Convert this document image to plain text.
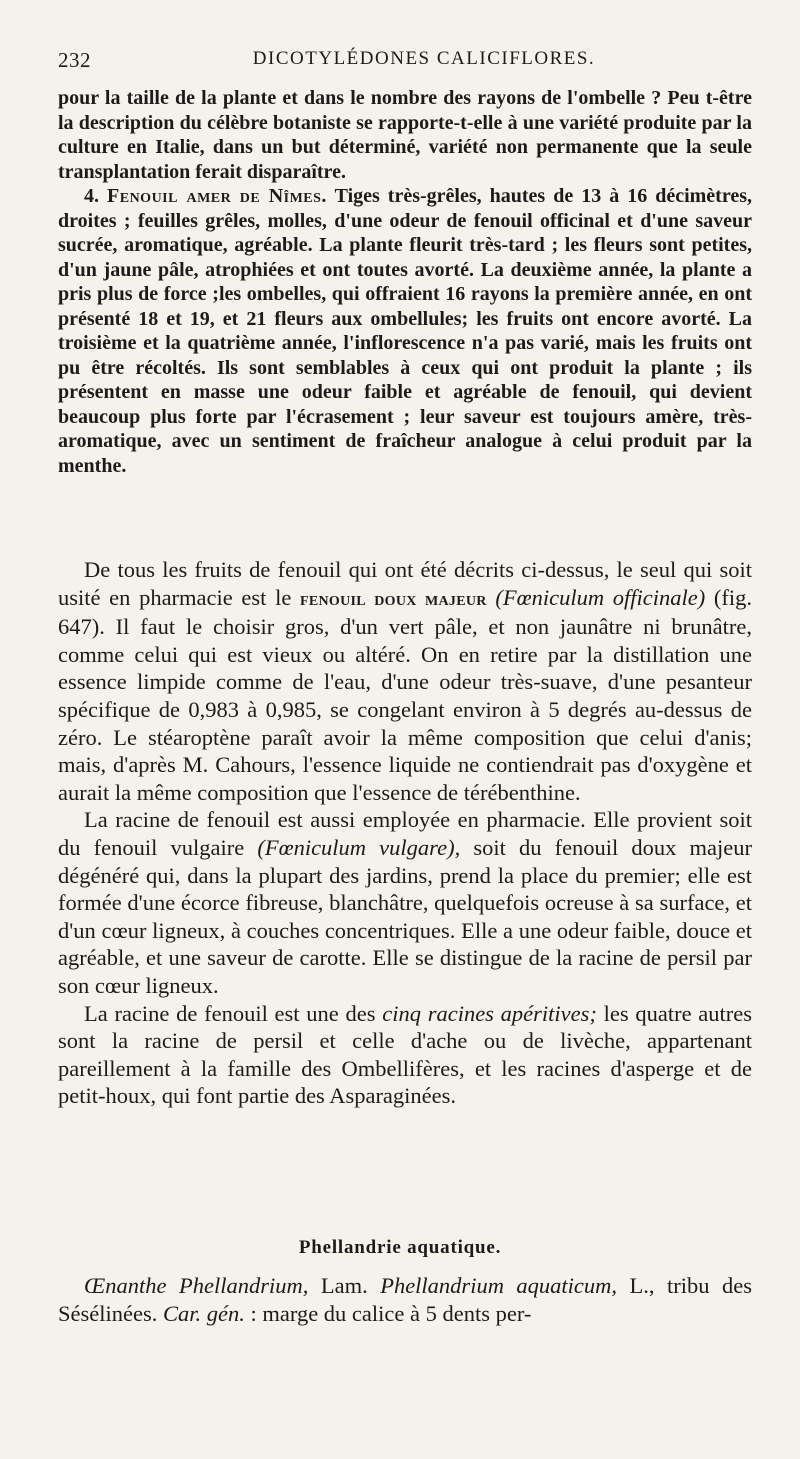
232	DICOTYLÉDONES CALICIFLORES.

pour la taille de la plante et dans le nombre des rayons de l'ombelle ? Peu t-être la description du célèbre botaniste se rapporte-t-elle à une variété produite par la culture en Italie, dans un but déterminé, variété non permanente que la seule transplantation ferait disparaître.

4. Fenouil amer de Nîmes. Tiges très-grêles, hautes de 13 à 16 décimètres, droites ; feuilles grêles, molles, d'une odeur de fenouil officinal et d'une saveur sucrée, aromatique, agréable. La plante fleurit très-tard ; les fleurs sont petites, d'un jaune pâle, atrophiées et ont toutes avorté. La deuxième année, la plante a pris plus de force ;les ombelles, qui offraient 16 rayons la première année, en ont présenté 18 et 19, et 21 fleurs aux ombellules; les fruits ont encore avorté. La troisième et la quatrième année, l'inflorescence n'a pas varié, mais les fruits ont pu être récoltés. Ils sont semblables à ceux qui ont produit la plante ; ils présentent en masse une odeur faible et agréable de fenouil, qui devient beaucoup plus forte par l'écrasement ; leur saveur est toujours amère, très-aromatique, avec un sentiment de fraîcheur analogue à celui produit par la menthe.

De tous les fruits de fenouil qui ont été décrits ci-dessus, le seul qui soit usité en pharmacie est le fenouil doux majeur (Fœniculum officinale) (fig. 647). Il faut le choisir gros, d'un vert pâle, et non jaunâtre ni brunâtre, comme celui qui est vieux ou altéré. On en retire par la distillation une essence limpide comme de l'eau, d'une odeur très-suave, d'une pesanteur spécifique de 0,983 à 0,985, se congelant environ à 5 degrés au-dessus de zéro. Le stéaroptène paraît avoir la même composition que celui d'anis; mais, d'après M. Cahours, l'essence liquide ne contiendrait pas d'oxygène et aurait la même composition que l'essence de térébenthine.

La racine de fenouil est aussi employée en pharmacie. Elle provient soit du fenouil vulgaire (Fœniculum vulgare), soit du fenouil doux majeur dégénéré qui, dans la plupart des jardins, prend la place du premier; elle est formée d'une écorce fibreuse, blanchâtre, quelquefois ocreuse à sa surface, et d'un cœur ligneux, à couches concentriques. Elle a une odeur faible, douce et agréable, et une saveur de carotte. Elle se distingue de la racine de persil par son cœur ligneux.

La racine de fenouil est une des cinq racines apéritives; les quatre autres sont la racine de persil et celle d'ache ou de livèche, appartenant pareillement à la famille des Ombellifères, et les racines d'asperge et de petit-houx, qui font partie des Asparaginées.

Phellandrie aquatique.

Œnanthe Phellandrium, Lam. Phellandrium aquaticum, L., tribu des Sésélinées. Car. gén. : marge du calice à 5 dents per-
